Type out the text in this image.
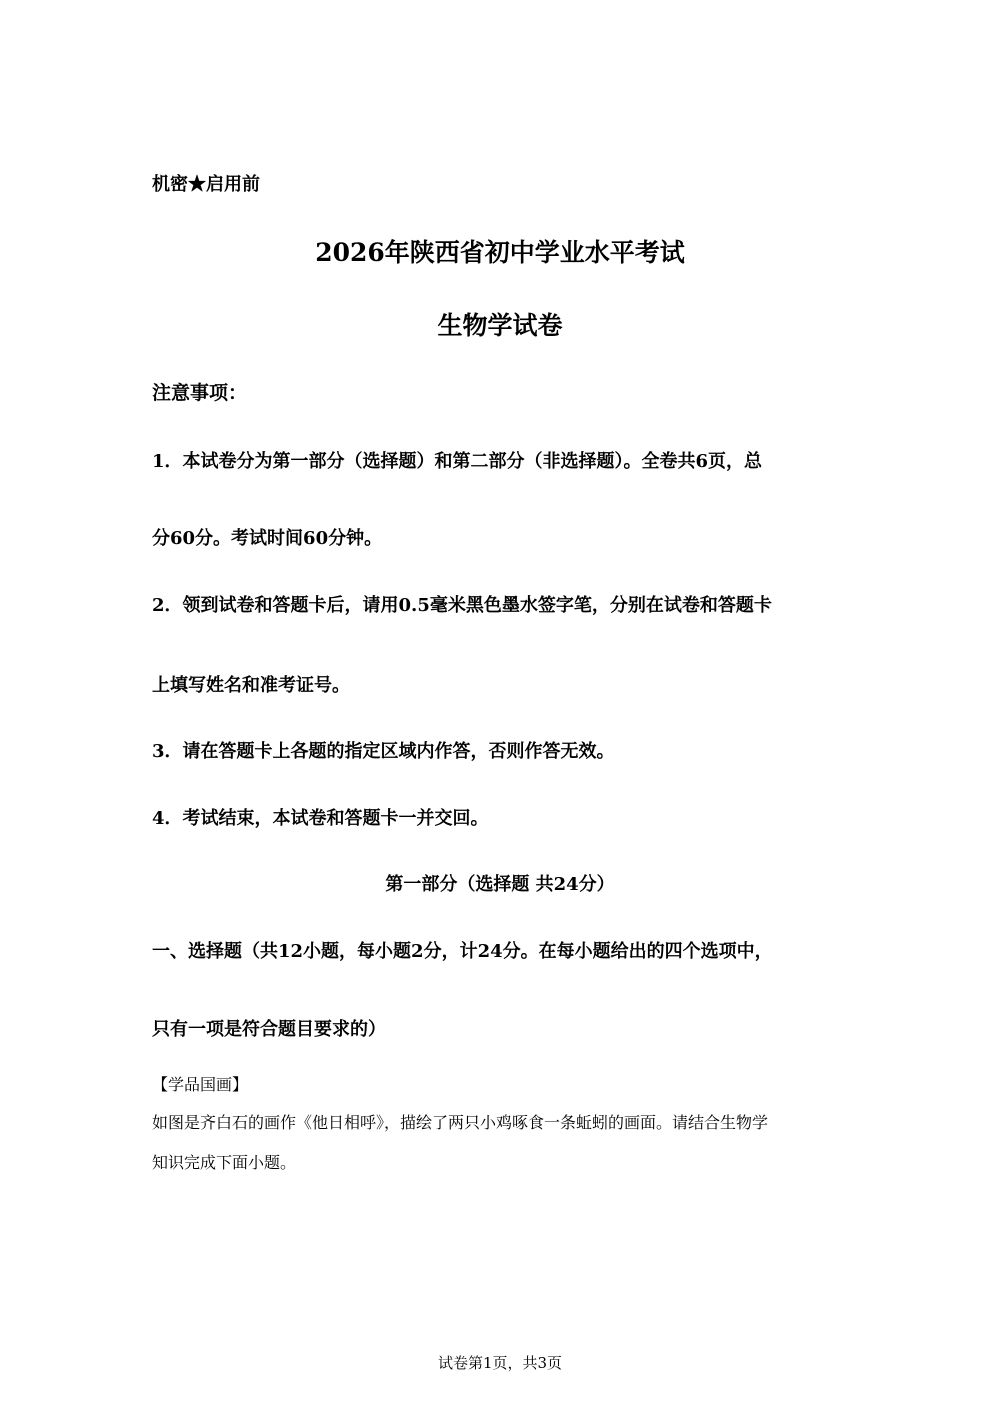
机密★启用前
2026年陕西省初中学业水平考试
生物学试卷
注意事项：
1．本试卷分为第一部分（选择题）和第二部分（非选择题）。全卷共6页，总
分60分。考试时间60分钟。
2．领到试卷和答题卡后，请用0.5毫米黑色墨水签字笔，分别在试卷和答题卡
上填写姓名和准考证号。
3．请在答题卡上各题的指定区域内作答，否则作答无效。
4．考试结束，本试卷和答题卡一并交回。
第一部分（选择题 共24分）
一、选择题（共12小题，每小题2分，计24分。在每小题给出的四个选项中，
只有一项是符合题目要求的）
【学品国画】
如图是齐白石的画作《他日相呼》，描绘了两只小鸡啄食一条蚯蚓的画面。请结合生物学
知识完成下面小题。
试卷第1页，共3页
